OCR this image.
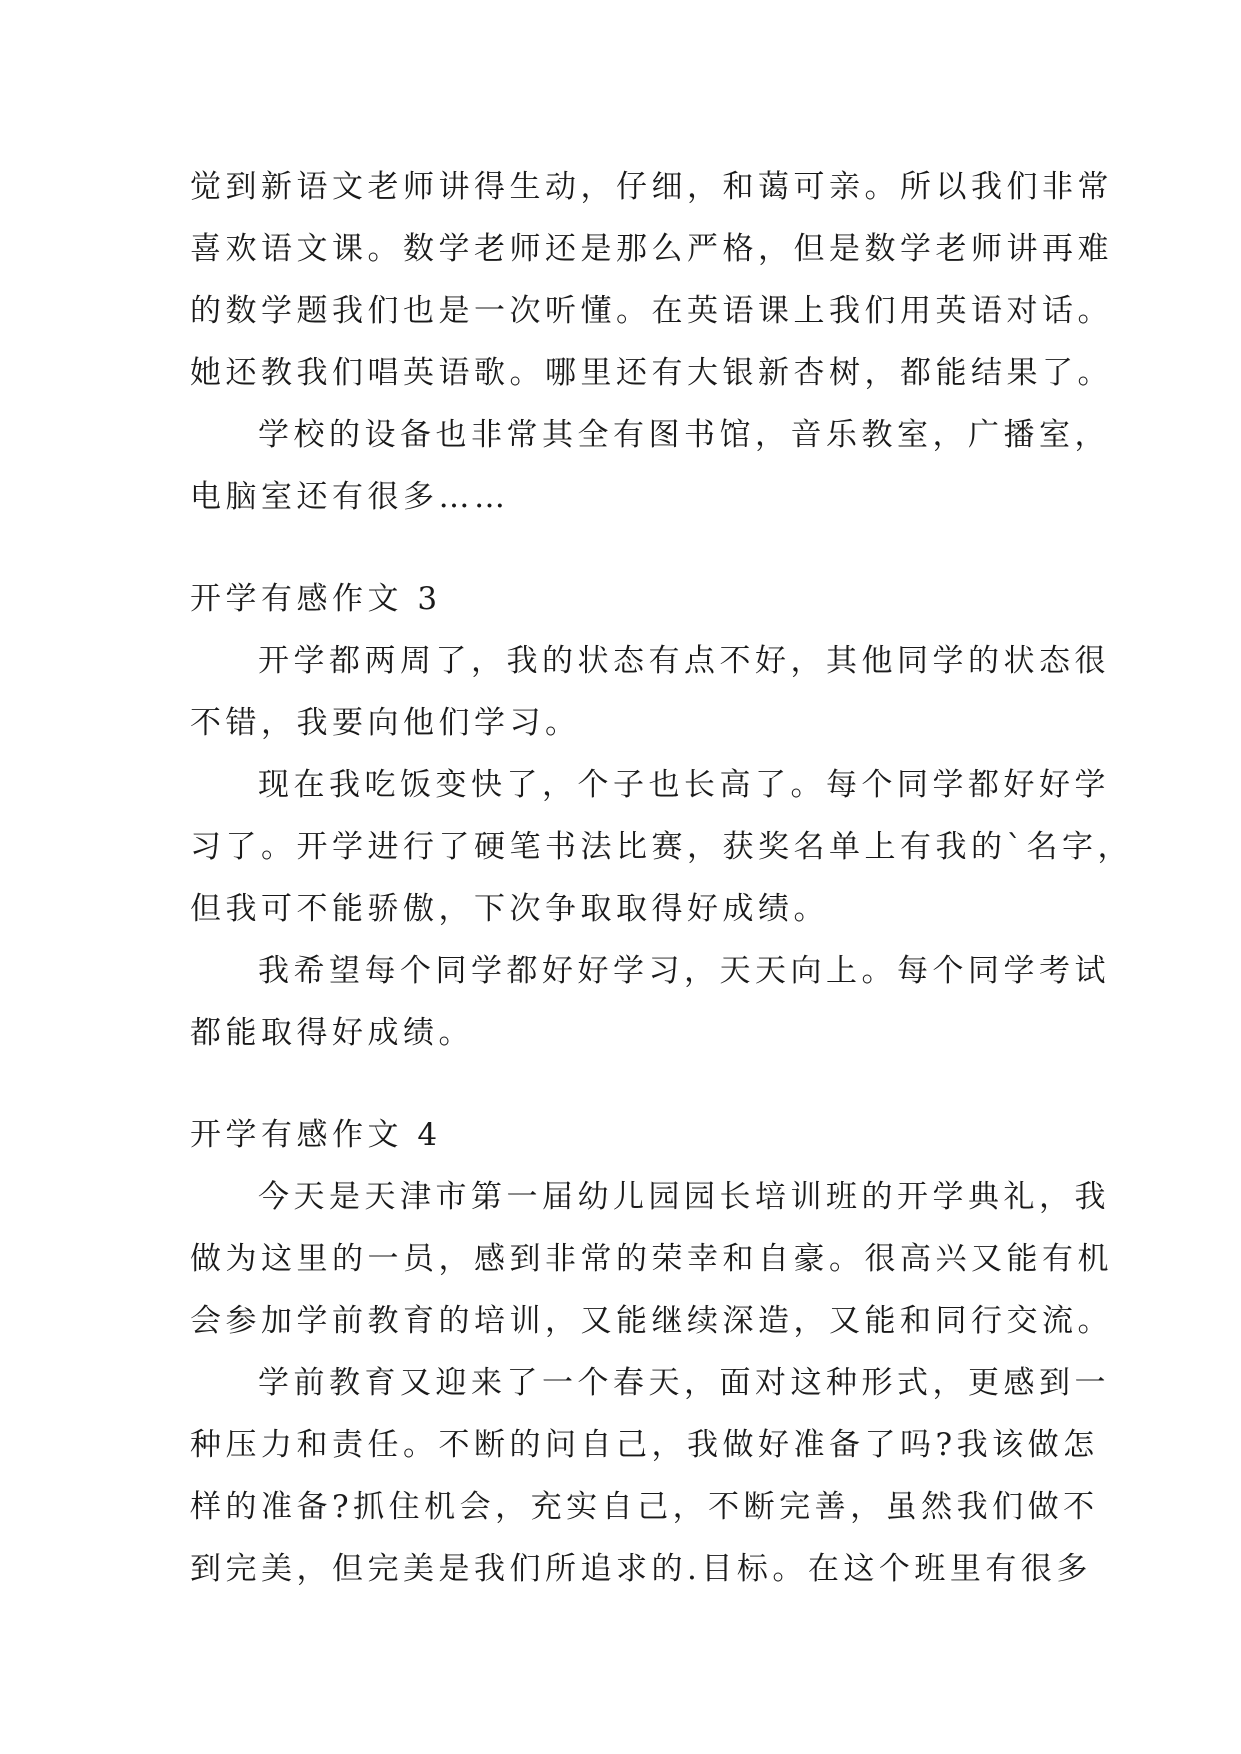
觉到新语文老师讲得生动，仔细，和蔼可亲。所以我们非常
喜欢语文课。数学老师还是那么严格，但是数学老师讲再难
的数学题我们也是一次听懂。在英语课上我们用英语对话。
她还教我们唱英语歌。哪里还有大银新杏树，都能结果了。
学校的设备也非常其全有图书馆，音乐教室，广播室，
电脑室还有很多……
开学有感作文 3
开学都两周了，我的状态有点不好，其他同学的状态很
不错，我要向他们学习。
现在我吃饭变快了，个子也长高了。每个同学都好好学
习了。开学进行了硬笔书法比赛，获奖名单上有我的`名字，
但我可不能骄傲，下次争取取得好成绩。
我希望每个同学都好好学习，天天向上。每个同学考试
都能取得好成绩。
开学有感作文 4
今天是天津市第一届幼儿园园长培训班的开学典礼，我
做为这里的一员，感到非常的荣幸和自豪。很高兴又能有机
会参加学前教育的培训，又能继续深造，又能和同行交流。
学前教育又迎来了一个春天，面对这种形式，更感到一
种压力和责任。不断的问自己，我做好准备了吗?我该做怎
样的准备?抓住机会，充实自己，不断完善，虽然我们做不
到完美，但完美是我们所追求的.目标。在这个班里有很多
